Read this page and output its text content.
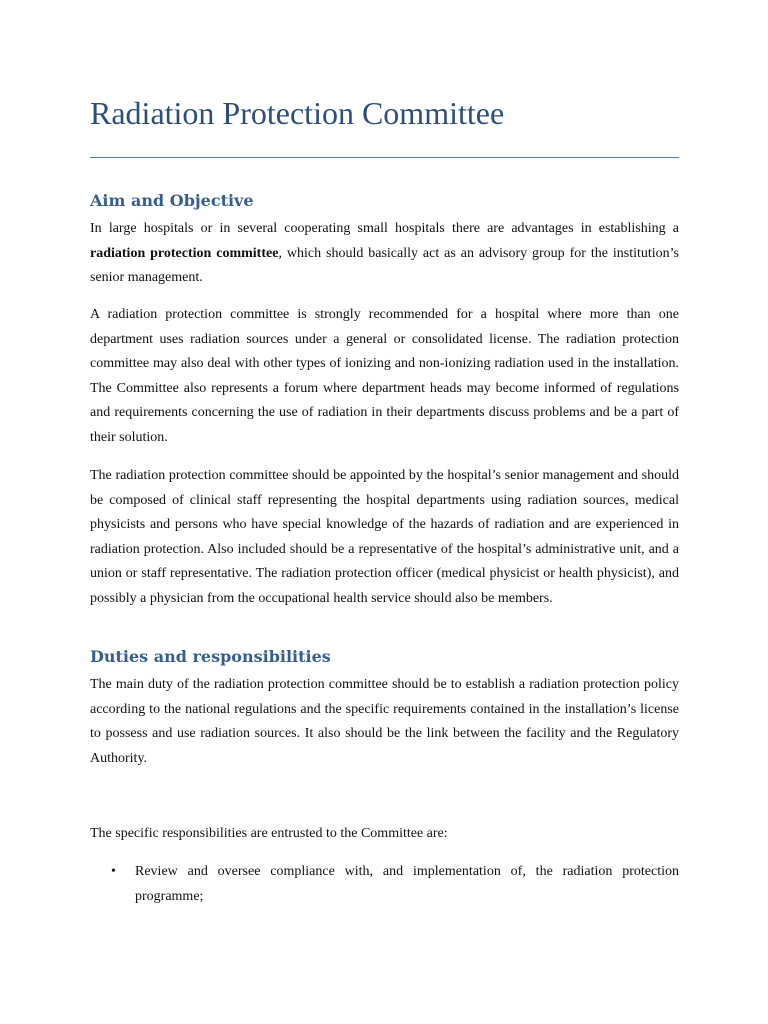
Radiation Protection Committee
Aim and Objective

In large hospitals or in several cooperating small hospitals there are advantages in establishing a radiation protection committee, which should basically act as an advisory group for the institution’s senior management.

A radiation protection committee is strongly recommended for a hospital where more than one department uses radiation sources under a general or consolidated license. The radiation protection committee may also deal with other types of ionizing and non-ionizing radiation used in the installation. The Committee also represents a forum where department heads may become informed of regulations and requirements concerning the use of radiation in their departments discuss problems and be a part of their solution.

The radiation protection committee should be appointed by the hospital’s senior management and should be composed of clinical staff representing the hospital departments using radiation sources, medical physicists and persons who have special knowledge of the hazards of radiation and are experienced in radiation protection. Also included should be a representative of the hospital’s administrative unit, and a union or staff representative. The radiation protection officer (medical physicist or health physicist), and possibly a physician from the occupational health service should also be members.

Duties and responsibilities

The main duty of the radiation protection committee should be to establish a radiation protection policy according to the national regulations and the specific requirements contained in the installation’s license to possess and use radiation sources. It also should be the link between the facility and the Regulatory Authority.

The specific responsibilities are entrusted to the Committee are:

• Review and oversee compliance with, and implementation of, the radiation protection programme;
